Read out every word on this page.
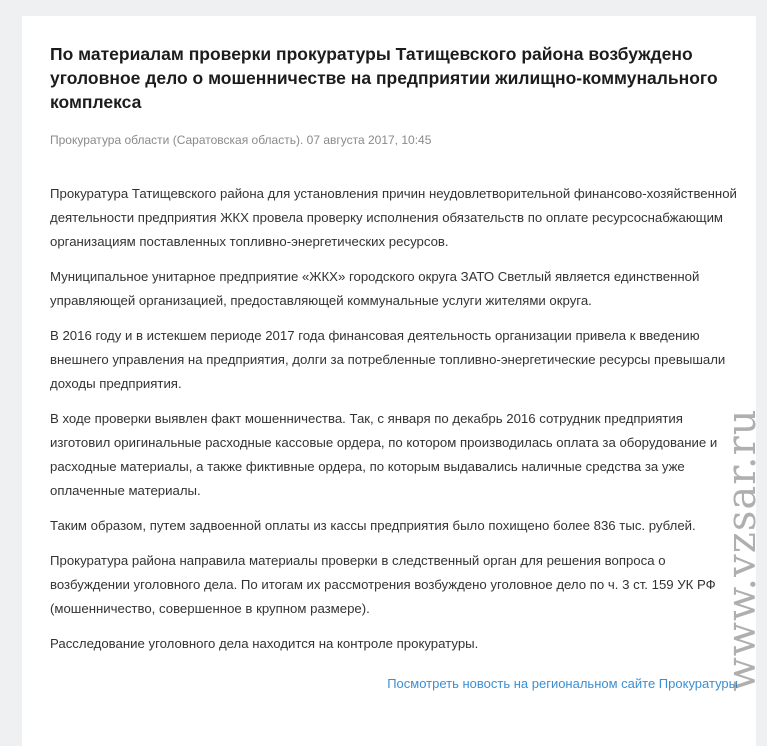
По материалам проверки прокуратуры Татищевского района возбуждено уголовное дело о мошенничестве на предприятии жилищно-коммунального комплекса
Прокуратура области (Саратовская область). 07 августа 2017, 10:45

Прокуратура Татищевского района для установления причин неудовлетворительной финансово-хозяйственной деятельности предприятия ЖКХ провела проверку исполнения обязательств по оплате ресурсоснабжающим организациям поставленных топливно-энергетических ресурсов.

Муниципальное унитарное предприятие «ЖКХ» городского округа ЗАТО Светлый является единственной управляющей организацией, предоставляющей коммунальные услуги жителями округа.

В 2016 году и в истекшем периоде 2017 года финансовая деятельность организации привела к введению внешнего управления на предприятия, долги за потребленные топливно-энергетические ресурсы превышали доходы предприятия.

В ходе проверки выявлен факт мошенничества. Так, с января по декабрь 2016 сотрудник предприятия изготовил оригинальные расходные кассовые ордера, по котором производилась оплата за оборудование и расходные материалы, а также фиктивные ордера, по которым выдавались наличные средства за уже оплаченные материалы.

Таким образом, путем задвоенной оплаты из кассы предприятия было похищено более 836 тыс. рублей.

Прокуратура района направила материалы проверки в следственный орган для решения вопроса о возбуждении уголовного дела. По итогам их рассмотрения возбуждено уголовное дело по ч. 3 ст. 159 УК РФ (мошенничество, совершенное в крупном размере).

Расследование уголовного дела находится на контроле прокуратуры.

Посмотреть новость на региональном сайте Прокуратуры
www.vzsar.ru
